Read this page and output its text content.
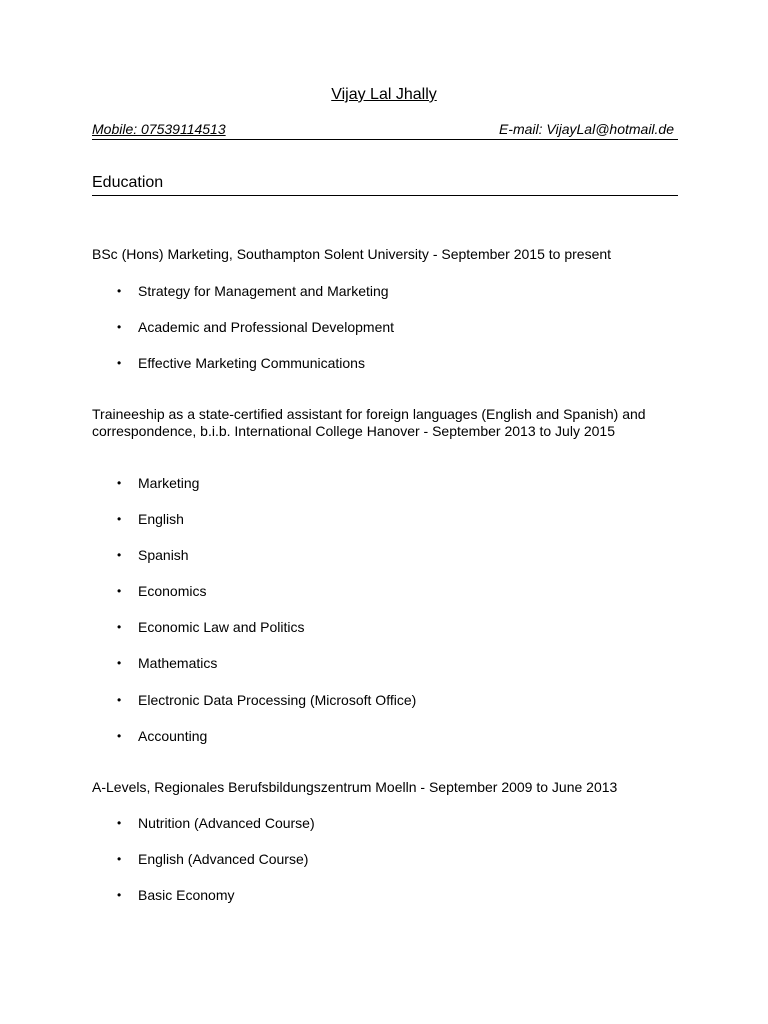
Vijay Lal Jhally
Mobile: 07539114513	E-mail: VijayLal@hotmail.de
Education
BSc (Hons) Marketing, Southampton Solent University - September 2015 to present
• Strategy for Management and Marketing
• Academic and Professional Development
• Effective Marketing Communications
Traineeship as a state-certified assistant for foreign languages (English and Spanish) and correspondence, b.i.b. International College Hanover - September 2013 to July 2015
• Marketing
• English
• Spanish
• Economics
• Economic Law and Politics
• Mathematics
• Electronic Data Processing (Microsoft Office)
• Accounting
A-Levels, Regionales Berufsbildungszentrum Moelln - September 2009 to June 2013
• Nutrition (Advanced Course)
• English (Advanced Course)
• Basic Economy
